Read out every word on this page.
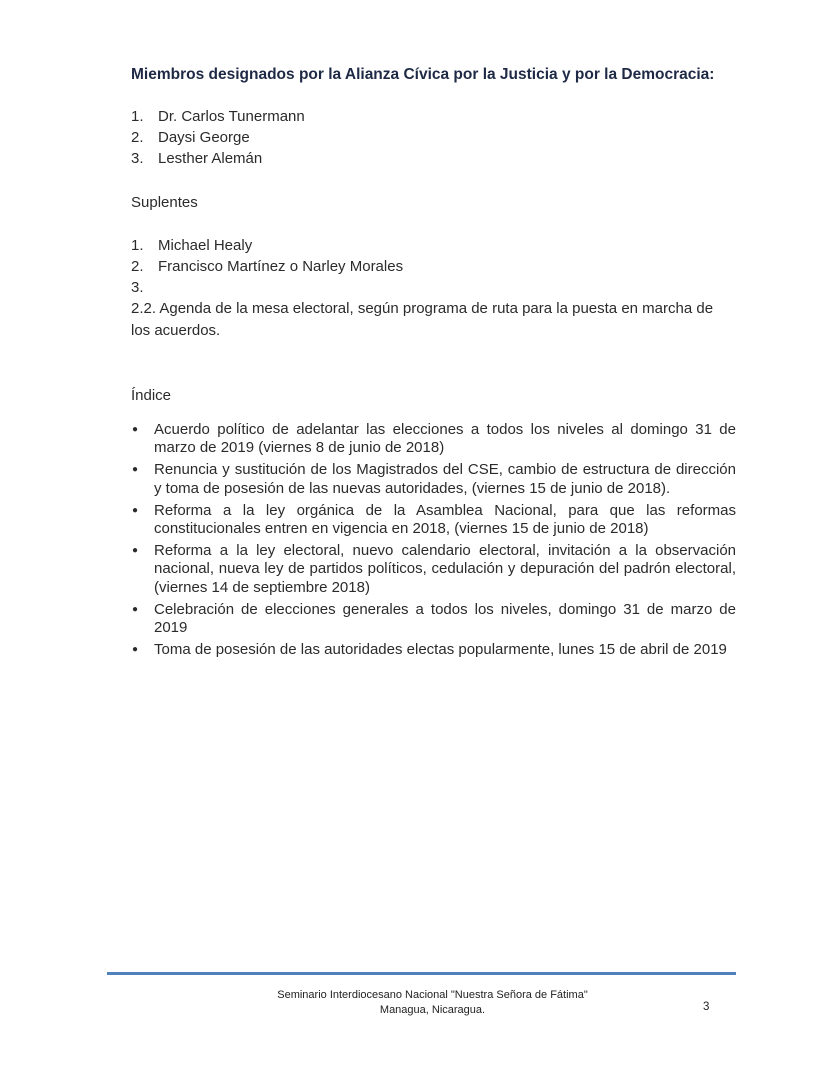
Miembros designados por la Alianza Cívica por la Justicia y por la Democracia:
1. Dr. Carlos Tunermann
2. Daysi George
3. Lesther Alemán

Suplentes

1. Michael Healy
2. Francisco Martínez o Narley Morales
3.

2.2. Agenda de la mesa electoral, según programa de ruta para la puesta en marcha de los acuerdos.

Índice

●	Acuerdo político de adelantar las elecciones a todos los niveles al domingo 31 de marzo de 2019 (viernes 8 de junio de 2018)
●	Renuncia y sustitución de los Magistrados del CSE, cambio de estructura de dirección y toma de posesión de las nuevas autoridades, (viernes 15 de junio de 2018).
●	Reforma a la ley orgánica de la Asamblea Nacional, para que las reformas constitucionales entren en vigencia en 2018, (viernes 15 de junio de 2018)
●	Reforma a la ley electoral, nuevo calendario electoral, invitación a la observación nacional, nueva ley de partidos políticos, cedulación y depuración del padrón electoral, (viernes 14 de septiembre 2018)
●	Celebración de elecciones generales a todos los niveles, domingo 31 de marzo de 2019
●	Toma de posesión de las autoridades electas popularmente, lunes 15 de abril de 2019
Seminario Interdiocesano Nacional "Nuestra Señora de Fátima"
Managua, Nicaragua.	3
